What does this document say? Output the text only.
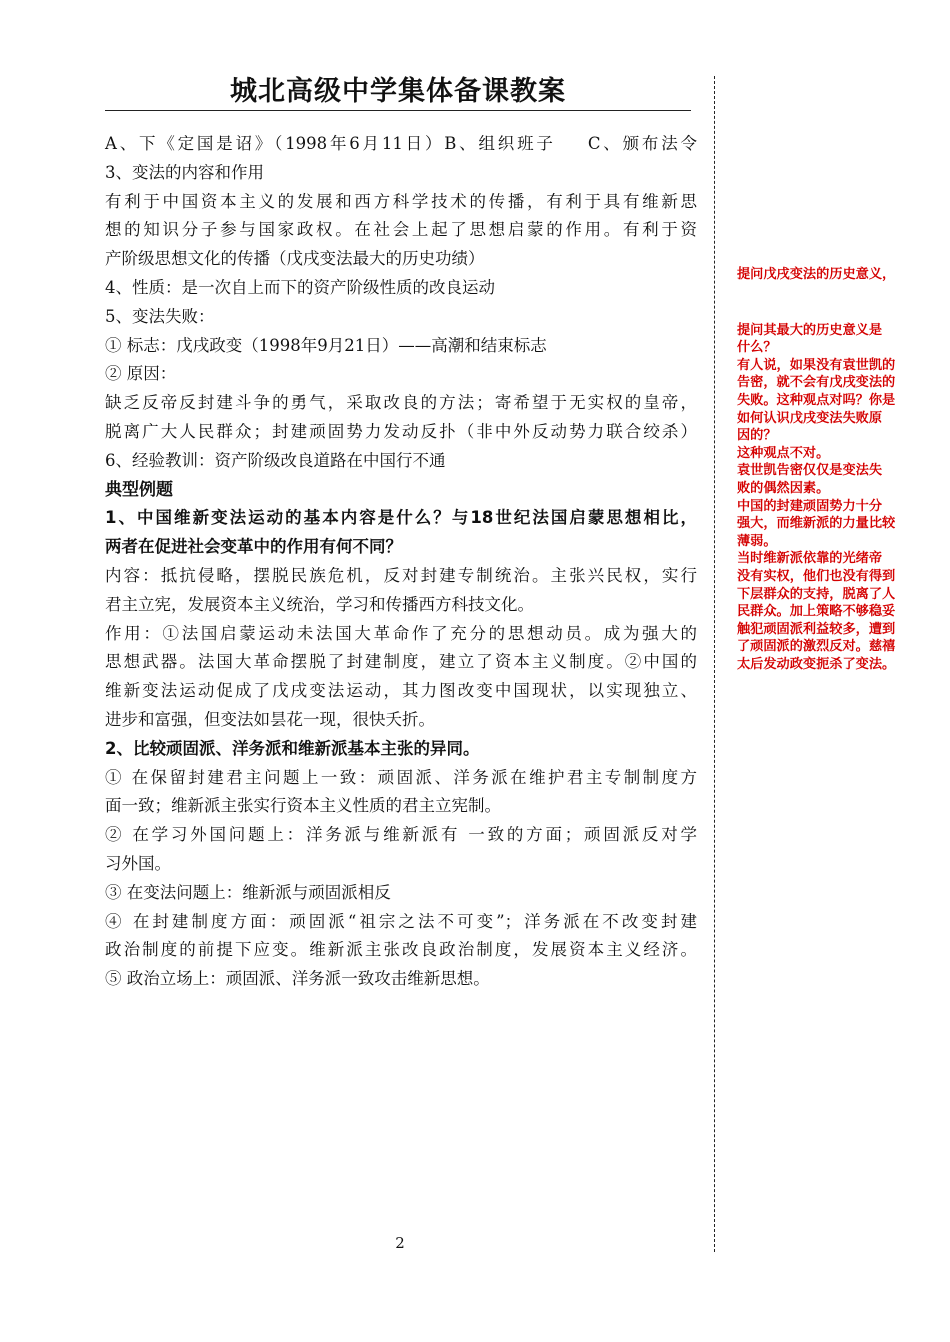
城北高级中学集体备课教案

A、下《定国是诏》（1998年6月11日）B、组织班子    C、颁布法令

3、变法的内容和作用

有利于中国资本主义的发展和西方科学技术的传播，有利于具有维新思

想的知识分子参与国家政权。在社会上起了思想启蒙的作用。有利于资

产阶级思想文化的传播（戊戌变法最大的历史功绩）

4、性质：是一次自上而下的资产阶级性质的改良运动

5、变法失败：

① 标志：戊戌政变（1998年9月21日）——高潮和结束标志

② 原因：

缺乏反帝反封建斗争的勇气，采取改良的方法；寄希望于无实权的皇帝，

脱离广大人民群众；封建顽固势力发动反扑（非中外反动势力联合绞杀）

6、经验教训：资产阶级改良道路在中国行不通

典型例题

1、中国维新变法运动的基本内容是什么？与18世纪法国启蒙思想相比，

两者在促进社会变革中的作用有何不同？

内容：抵抗侵略，摆脱民族危机，反对封建专制统治。主张兴民权，实行

君主立宪，发展资本主义统治，学习和传播西方科技文化。

作用：①法国启蒙运动未法国大革命作了充分的思想动员。成为强大的

思想武器。法国大革命摆脱了封建制度，建立了资本主义制度。②中国的

维新变法运动促成了戊戌变法运动，其力图改变中国现状，以实现独立、

进步和富强，但变法如昙花一现，很快夭折。

2、比较顽固派、洋务派和维新派基本主张的异同。

① 在保留封建君主问题上一致：顽固派、洋务派在维护君主专制制度方

面一致；维新派主张实行资本主义性质的君主立宪制。

② 在学习外国问题上：洋务派与维新派有 一致的方面；顽固派反对学

习外国。

③ 在变法问题上：维新派与顽固派相反

④ 在封建制度方面：顽固派“祖宗之法不可变”；洋务派在不改变封建

政治制度的前提下应变。维新派主张改良政治制度，发展资本主义经济。

⑤ 政治立场上：顽固派、洋务派一致攻击维新思想。

提问戊戌变法的历史意义，

提问其最大的历史意义是

什么？

有人说，如果没有袁世凯的

告密，就不会有戊戌变法的

失败。这种观点对吗？你是

如何认识戊戌变法失败原

因的？

这种观点不对。

袁世凯告密仅仅是变法失

败的偶然因素。

中国的封建顽固势力十分

强大，而维新派的力量比较

薄弱。

当时维新派依靠的光绪帝

没有实权，他们也没有得到

下层群众的支持，脱离了人

民群众。加上策略不够稳妥

触犯顽固派利益较多，遭到

了顽固派的激烈反对。慈禧

太后发动政变扼杀了变法。

2
